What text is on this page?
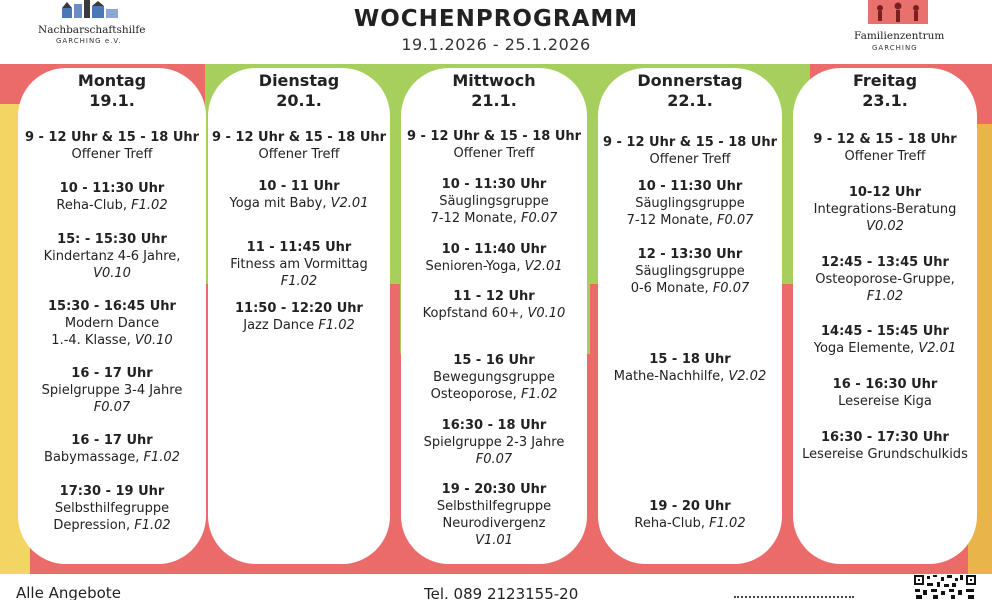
Nachbarschaftshilfe
GARCHING e.V.
WOCHENPROGRAMM
19.1.2026 - 25.1.2026	Familienzentrum
GARCHING
Montag
19.1.
9 - 12 Uhr & 15 - 18 Uhr
Offener Treff
10 - 11:30 Uhr
Reha-Club, F1.02
15: - 15:30 Uhr
Kindertanz 4-6 Jahre,
V0.10
15:30 - 16:45 Uhr
Modern Dance
1.-4. Klasse, V0.10
16 - 17 Uhr
Spielgruppe 3-4 Jahre
F0.07
16 - 17 Uhr
Babymassage, F1.02
17:30 - 19 Uhr
Selbsthilfegruppe
Depression, F1.02
Dienstag
20.1.
9 - 12 Uhr & 15 - 18 Uhr
Offener Treff
10 - 11 Uhr
Yoga mit Baby, V2.01
11 - 11:45 Uhr
Fitness am Vormittag
F1.02
11:50 - 12:20 Uhr
Jazz Dance F1.02
Mittwoch
21.1.
9 - 12 Uhr & 15 - 18 Uhr
Offener Treff
10 - 11:30 Uhr
Säuglingsgruppe
7-12 Monate, F0.07
10 - 11:40 Uhr
Senioren-Yoga, V2.01
11 - 12 Uhr
Kopfstand 60+, V0.10
15 - 16 Uhr
Bewegungsgruppe
Osteoporose, F1.02
16:30 - 18 Uhr
Spielgruppe 2-3 Jahre
F0.07
19 - 20:30 Uhr
Selbsthilfegruppe
Neurodivergenz
V1.01
Donnerstag
22.1.
9 - 12 Uhr & 15 - 18 Uhr
Offener Treff
10 - 11:30 Uhr
Säuglingsgruppe
7-12 Monate, F0.07
12 - 13:30 Uhr
Säuglingsgruppe
0-6 Monate, F0.07
15 - 18 Uhr
Mathe-Nachhilfe, V2.02
19 - 20 Uhr
Reha-Club, F1.02
Freitag
23.1.
9 - 12 & 15 - 18 Uhr
Offener Treff
10-12 Uhr
Integrations-Beratung
V0.02
12:45 - 13:45 Uhr
Osteoporose-Gruppe,
F1.02
14:45 - 15:45 Uhr
Yoga Elemente, V2.01
16 - 16:30 Uhr
Lesereise Kiga
16:30 - 17:30 Uhr
Lesereise Grundschulkids
Alle Angebote	Tel. 089 2123155-20
